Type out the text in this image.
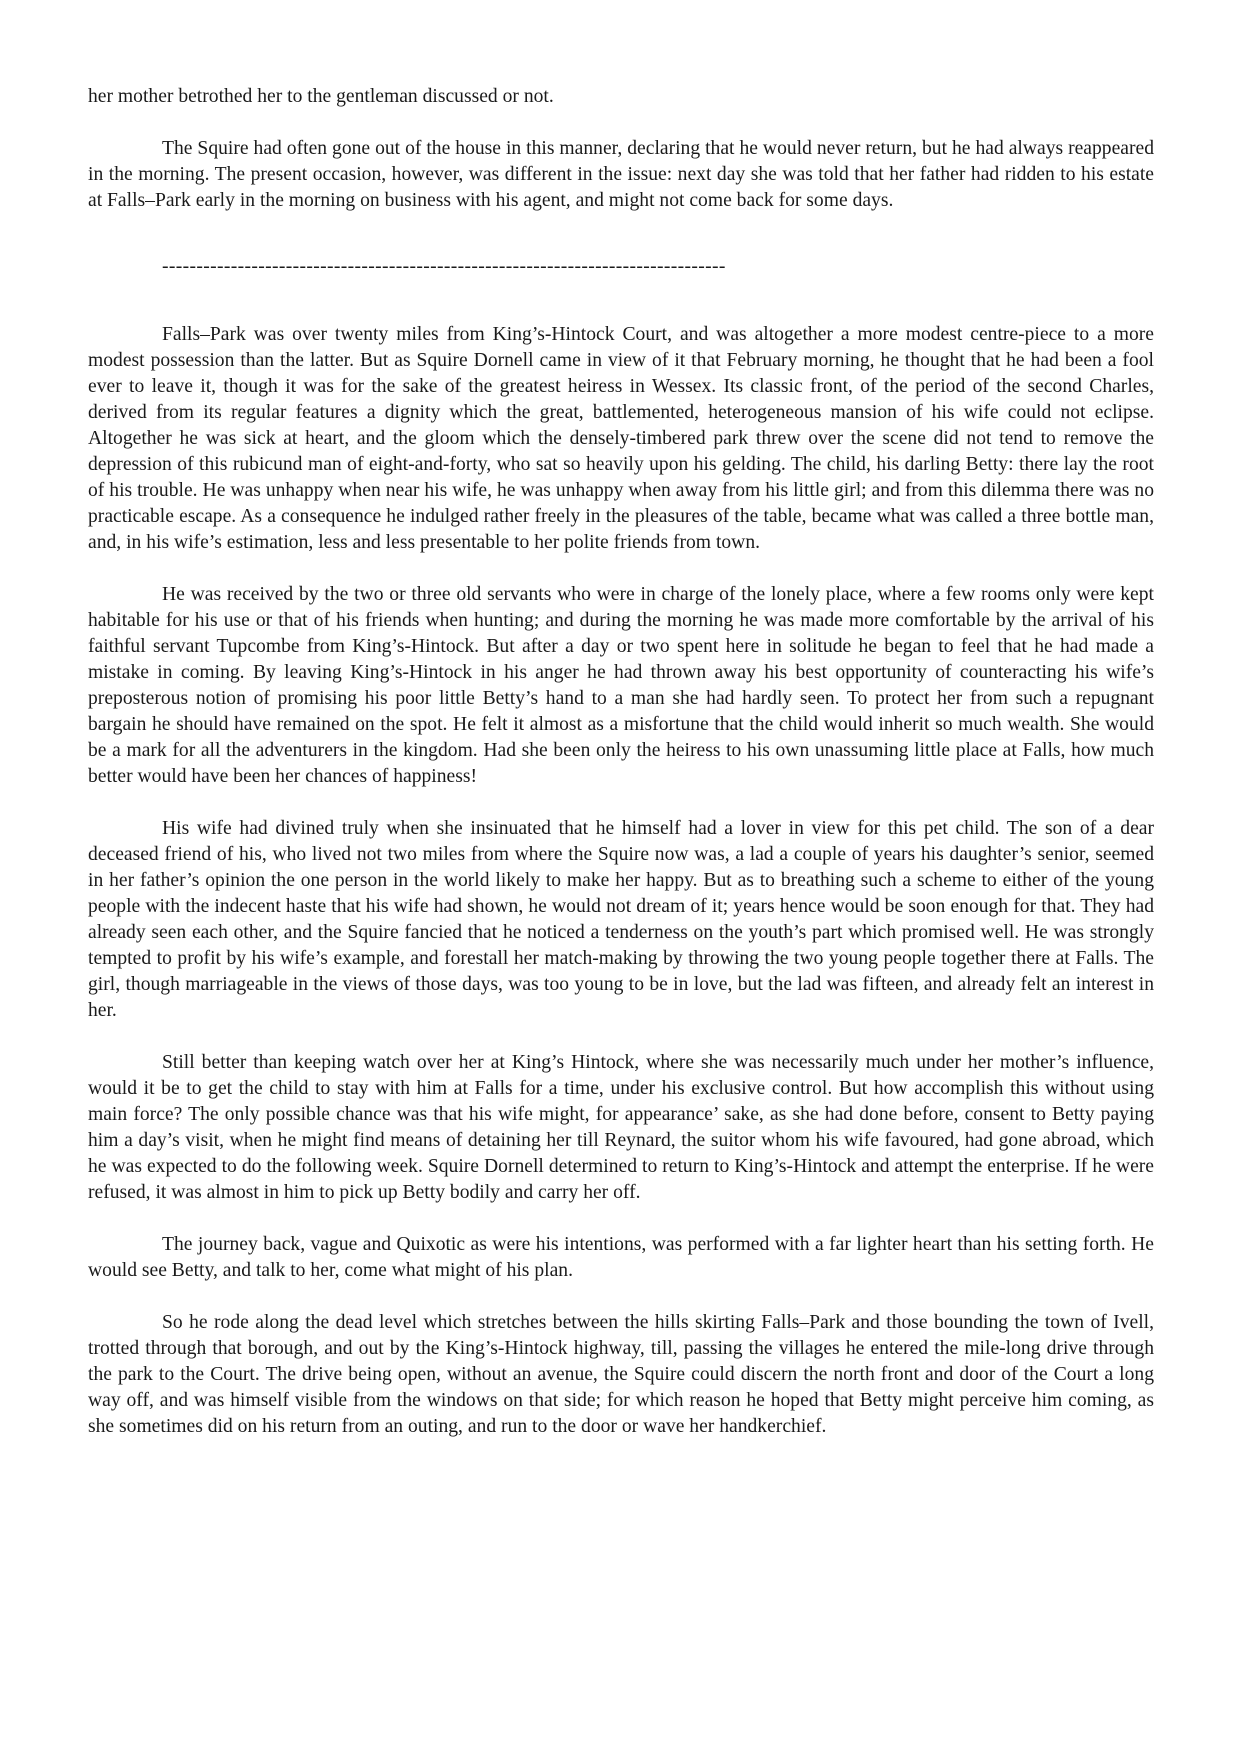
her mother betrothed her to the gentleman discussed or not.

The Squire had often gone out of the house in this manner, declaring that he would never return, but he had always reappeared in the morning. The present occasion, however, was different in the issue: next day she was told that her father had ridden to his estate at Falls–Park early in the morning on business with his agent, and might not come back for some days.

----------------------------------------------------------------------------------

Falls–Park was over twenty miles from King’s-Hintock Court, and was altogether a more modest centre-piece to a more modest possession than the latter. But as Squire Dornell came in view of it that February morning, he thought that he had been a fool ever to leave it, though it was for the sake of the greatest heiress in Wessex. Its classic front, of the period of the second Charles, derived from its regular features a dignity which the great, battlemented, heterogeneous mansion of his wife could not eclipse. Altogether he was sick at heart, and the gloom which the densely-timbered park threw over the scene did not tend to remove the depression of this rubicund man of eight-and-forty, who sat so heavily upon his gelding. The child, his darling Betty: there lay the root of his trouble. He was unhappy when near his wife, he was unhappy when away from his little girl; and from this dilemma there was no practicable escape. As a consequence he indulged rather freely in the pleasures of the table, became what was called a three bottle man, and, in his wife’s estimation, less and less presentable to her polite friends from town.

He was received by the two or three old servants who were in charge of the lonely place, where a few rooms only were kept habitable for his use or that of his friends when hunting; and during the morning he was made more comfortable by the arrival of his faithful servant Tupcombe from King’s-Hintock. But after a day or two spent here in solitude he began to feel that he had made a mistake in coming. By leaving King’s-Hintock in his anger he had thrown away his best opportunity of counteracting his wife’s preposterous notion of promising his poor little Betty’s hand to a man she had hardly seen. To protect her from such a repugnant bargain he should have remained on the spot. He felt it almost as a misfortune that the child would inherit so much wealth. She would be a mark for all the adventurers in the kingdom. Had she been only the heiress to his own unassuming little place at Falls, how much better would have been her chances of happiness!

His wife had divined truly when she insinuated that he himself had a lover in view for this pet child. The son of a dear deceased friend of his, who lived not two miles from where the Squire now was, a lad a couple of years his daughter’s senior, seemed in her father’s opinion the one person in the world likely to make her happy. But as to breathing such a scheme to either of the young people with the indecent haste that his wife had shown, he would not dream of it; years hence would be soon enough for that. They had already seen each other, and the Squire fancied that he noticed a tenderness on the youth’s part which promised well. He was strongly tempted to profit by his wife’s example, and forestall her match-making by throwing the two young people together there at Falls. The girl, though marriageable in the views of those days, was too young to be in love, but the lad was fifteen, and already felt an interest in her.

Still better than keeping watch over her at King’s Hintock, where she was necessarily much under her mother’s influence, would it be to get the child to stay with him at Falls for a time, under his exclusive control. But how accomplish this without using main force? The only possible chance was that his wife might, for appearance’ sake, as she had done before, consent to Betty paying him a day’s visit, when he might find means of detaining her till Reynard, the suitor whom his wife favoured, had gone abroad, which he was expected to do the following week. Squire Dornell determined to return to King’s-Hintock and attempt the enterprise. If he were refused, it was almost in him to pick up Betty bodily and carry her off.

The journey back, vague and Quixotic as were his intentions, was performed with a far lighter heart than his setting forth. He would see Betty, and talk to her, come what might of his plan.

So he rode along the dead level which stretches between the hills skirting Falls–Park and those bounding the town of Ivell, trotted through that borough, and out by the King’s-Hintock highway, till, passing the villages he entered the mile-long drive through the park to the Court. The drive being open, without an avenue, the Squire could discern the north front and door of the Court a long way off, and was himself visible from the windows on that side; for which reason he hoped that Betty might perceive him coming, as she sometimes did on his return from an outing, and run to the door or wave her handkerchief.
